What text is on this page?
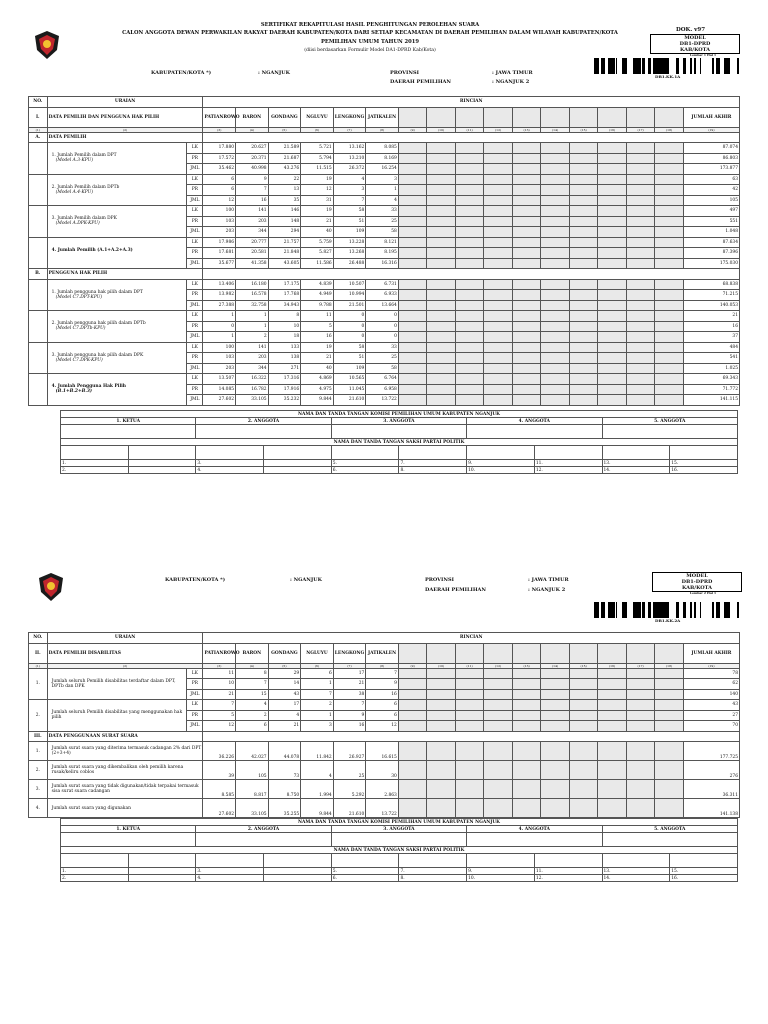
SERTIFIKAT REKAPITULASI HASIL PENGHITUNGAN PEROLEHAN SUARA
CALON ANGGOTA DEWAN PERWAKILAN RAKYAT DAERAH KABUPATEN/KOTA DARI SETIAP KECAMATAN DI DAERAH PEMILIHAN DALAM WILAYAH KABUPATEN/KOTA
PEMILIHAN UMUM TAHUN 2019
(diisi berdasarkan Formulir Model DA1-DPRD Kab/Kota)
DOK. v97
MODEL
DB1-DPRD
KAB/KOTA
Lembar 1 Hal 1
DB1.KK.1A
KABUPATEN/KOTA *)	: NGANJUK	PROVINSI	: JAWA TIMUR
DAERAH PEMILIHAN	: NGANJUK 2
NO.	URAIAN		RINCIAN																
I.	DATA PEMILIH DAN PENGGUNA HAK PILIH		PATIANROWO	BARON	GONDANG	NGLUYU	LENGKONG	JATIKALEN											JUMLAH AKHIR
(1)	(2)		(3)	(4)	(5)	(6)	(7)	(8)	(9)	(10)	(11)	(12)	(13)	(14)	(15)	(16)	(17)	(18)	(19)
A.	DATA PEMILIH																		
	1. Jumlah Pemilih dalam DPT
(Model A.3-KPU)	LK	17.880	20.627	21.589	5.721	13.162	8.085											87.074
		PR	17.572	20.371	21.687	5.794	13.210	8.169											86.803
		JML	35.462	40.998	43.276	11.515	26.372	16.254											173.877
	2. Jumlah Pemilih dalam DPTb
(Model A.4-KPU)	LK	6	9	22	19	4	3											63
		PR	6	7	13	12	3	1											42
		JML	12	16	35	31	7	4											105
	3. Jumlah Pemilih dalam DPK
(Model A.DPK-KPU)	LK	100	141	146	19	58	33											497
		PR	103	203	148	21	51	25											551
		JML	203	344	294	40	109	58											1.048
	4. Jumlah Pemilih (A.1+A.2+A.3)	LK	17.986	20.777	21.757	5.759	13.228	8.121											87.634
		PR	17.681	20.581	21.848	5.827	13.268	8.195											87.396
		JML	35.677	41.358	43.605	11.586	26.488	16.316											175.030
B.	PENGGUNA HAK PILIH																		
	1. Jumlah pengguna hak pilih dalam DPT
(Model C7.DPT-KPU)	LK	13.406	16.180	17.175	4.839	10.507	6.731											68.838
		PR	13.982	16.578	17.768	4.949	10.994	6.933											71.215
		JML	27.388	32.758	34.943	9.788	21.501	13.664											140.053
	2. Jumlah pengguna hak pilih dalam DPTb
(Model C7.DPTb-KPU)	LK	1	1	8	11	0	0											21
		PR	0	1	10	5	0	0											16
		JML	1	2	18	16	0	0											37
	3. Jumlah pengguna hak pilih dalam DPK
(Model C7.DPK-KPU)	LK	100	141	133	19	58	33											484
		PR	103	203	138	21	51	25											541
		JML	203	344	271	40	109	58											1.025
	4. Jumlah Pengguna Hak Pilih
(B.1+B.2+B.3)	LK	13.507	16.322	17.316	4.869	10.565	6.764											69.343
		PR	14.085	16.782	17.916	4.975	11.045	6.958											71.772
		JML	27.602	33.105	35.232	9.844	21.610	13.722											141.115
NAMA DAN TANDA TANGAN KOMISI PEMILIHAN UMUM KABUPATEN NGANJUK									
1. KETUA		2. ANGGOTA		3. ANGGOTA		4. ANGGOTA		5. ANGGOTA	

NAMA DAN TANDA TANGAN SAKSI PARTAI POLITIK									

1.		3.		5.	7.	9.	11.	13.	15.
2.		4.		6.	8.	10.	12.	14.	16.
KABUPATEN/KOTA *)	: NGANJUK	PROVINSI	: JAWA TIMUR
DAERAH PEMILIHAN	: NGANJUK 2
MODEL
DB1-DPRD
KAB/KOTA
Lembar 2 Hal 1
DB1.KK.2A
NO.	URAIAN		RINCIAN																
II.	DATA PEMILIH DISABILITAS		PATIANROWO	BARON	GONDANG	NGLUYU	LENGKONG	JATIKALEN											JUMLAH AKHIR
(1)	(2)		(3)	(4)	(5)	(6)	(7)	(8)	(9)	(10)	(11)	(12)	(13)	(14)	(15)	(16)	(17)	(18)	(19)
1.	Jumlah seluruh Pemilih disabilitas terdaftar dalam DPT, DPTb dan DPK	LK	11	8	29	6	17	7											78
		PR	10	7	14	1	21	9											62
		JML	21	15	43	7	38	16											140
2.	Jumlah seluruh Pemilih disabilitas yang menggunakan hak pilih	LK	7	4	17	2	7	6											43
		PR	5	2	4	1	9	6											27
		JML	12	6	21	3	16	12											70
III.	DATA PENGGUNAAN SURAT SUARA																		
1.	Jumlah surat suara yang diterima termasuk cadangan 2% dari DPT (2+3+4)		36.226	42.027	44.078	11.842	26.927	16.615											177.725
2.	Jumlah surat suara yang dikembalikan oleh pemilih karena rusak/keliru coblos		39	105	73	4	25	30											276
3.	Jumlah surat suara yang tidak digunakan/tidak terpakai termasuk sisa surat suara cadangan		8.585	8.817	8.750	1.994	5.292	2.863											36.311
4.	Jumlah surat suara yang digunakan		27.602	33.105	35.255	9.844	21.610	13.722											141.138
NAMA DAN TANDA TANGAN KOMISI PEMILIHAN UMUM KABUPATEN NGANJUK									
1. KETUA		2. ANGGOTA		3. ANGGOTA		4. ANGGOTA		5. ANGGOTA	

NAMA DAN TANDA TANGAN SAKSI PARTAI POLITIK									

1.		3.		5.	7.	9.	11.	13.	15.
2.		4.		6.	8.	10.	12.	14.	16.
